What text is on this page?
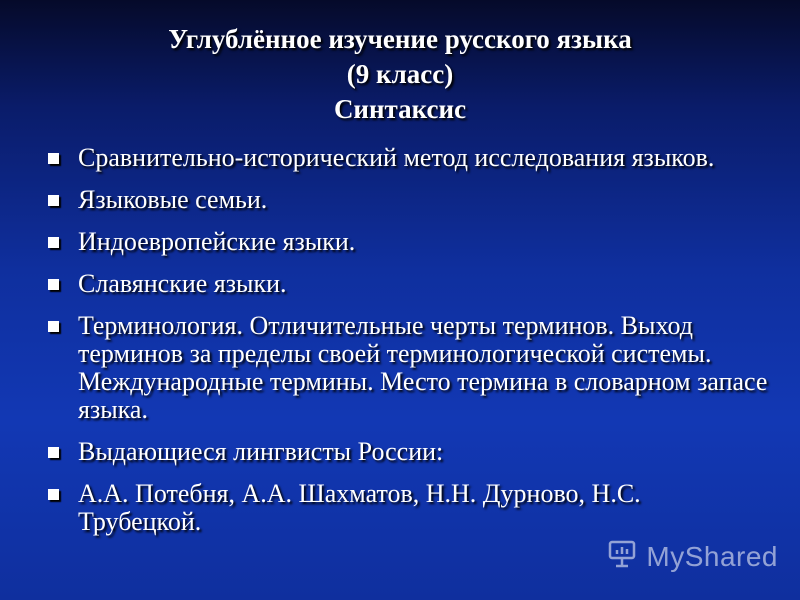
Углублённое изучение русского языка
(9 класс)
Синтаксис
Сравнительно-исторический метод исследования языков.
Языковые семьи.
Индоевропейские языки.
Славянские языки.
Терминология. Отличительные черты терминов. Выход терминов за пределы своей терминологической системы. Международные термины. Место термина в словарном запасе языка.
Выдающиеся лингвисты России:
А.А. Потебня, А.А. Шахматов, Н.Н. Дурново, Н.С. Трубецкой.
MyShared
